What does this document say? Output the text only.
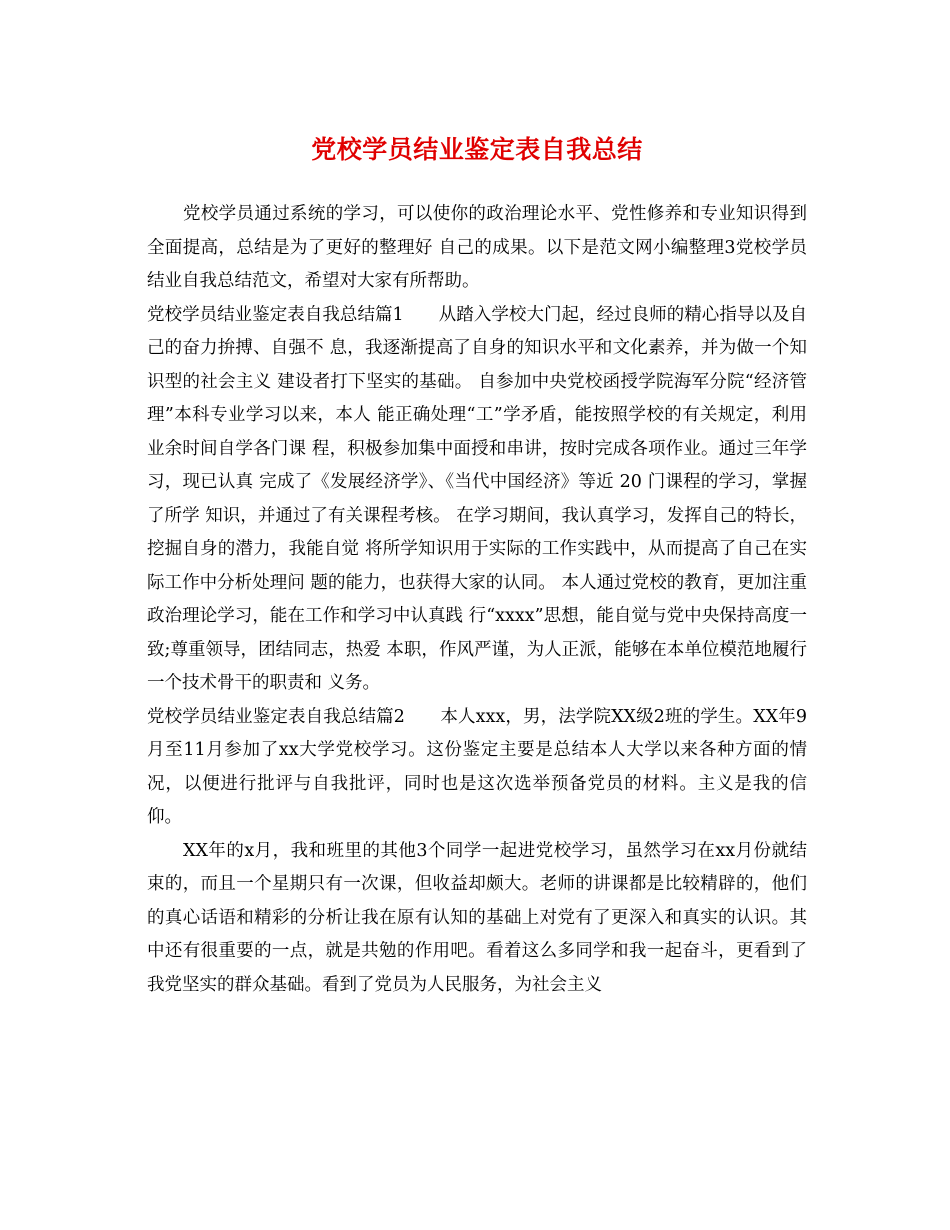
党校学员结业鉴定表自我总结

党校学员通过系统的学习，可以使你的政治理论水平、党性修养和专业知识得到全面提高，总结是为了更好的整理好 自己的成果。以下是范文网小编整理3党校学员结业自我总结范文，希望对大家有所帮助。

党校学员结业鉴定表自我总结篇1　　从踏入学校大门起，经过良师的精心指导以及自己的奋力拚搏、自强不 息，我逐渐提高了自身的知识水平和文化素养，并为做一个知识型的社会主义 建设者打下坚实的基础。 自参加中央党校函授学院海军分院“经济管理”本科专业学习以来，本人 能正确处理“工”学矛盾，能按照学校的有关规定，利用业余时间自学各门课 程，积极参加集中面授和串讲，按时完成各项作业。通过三年学习，现已认真 完成了《发展经济学》、《当代中国经济》等近 20 门课程的学习，掌握了所学 知识，并通过了有关课程考核。 在学习期间，我认真学习，发挥自己的特长，挖掘自身的潜力，我能自觉 将所学知识用于实际的工作实践中，从而提高了自己在实际工作中分析处理问 题的能力，也获得大家的认同。 本人通过党校的教育，更加注重政治理论学习，能在工作和学习中认真践 行“xxxx”思想，能自觉与党中央保持高度一致;尊重领导，团结同志，热爱 本职，作风严谨，为人正派，能够在本单位模范地履行一个技术骨干的职责和 义务。

党校学员结业鉴定表自我总结篇2　　本人xxx，男，法学院XX级2班的学生。XX年9月至11月参加了xx大学党校学习。这份鉴定主要是总结本人大学以来各种方面的情况，以便进行批评与自我批评，同时也是这次选举预备党员的材料。主义是我的信仰。

XX年的x月，我和班里的其他3个同学一起进党校学习，虽然学习在xx月份就结束的，而且一个星期只有一次课，但收益却颇大。老师的讲课都是比较精辟的，他们的真心话语和精彩的分析让我在原有认知的基础上对党有了更深入和真实的认识。其中还有很重要的一点，就是共勉的作用吧。看着这么多同学和我一起奋斗，更看到了我党坚实的群众基础。看到了党员为人民服务，为社会主义
